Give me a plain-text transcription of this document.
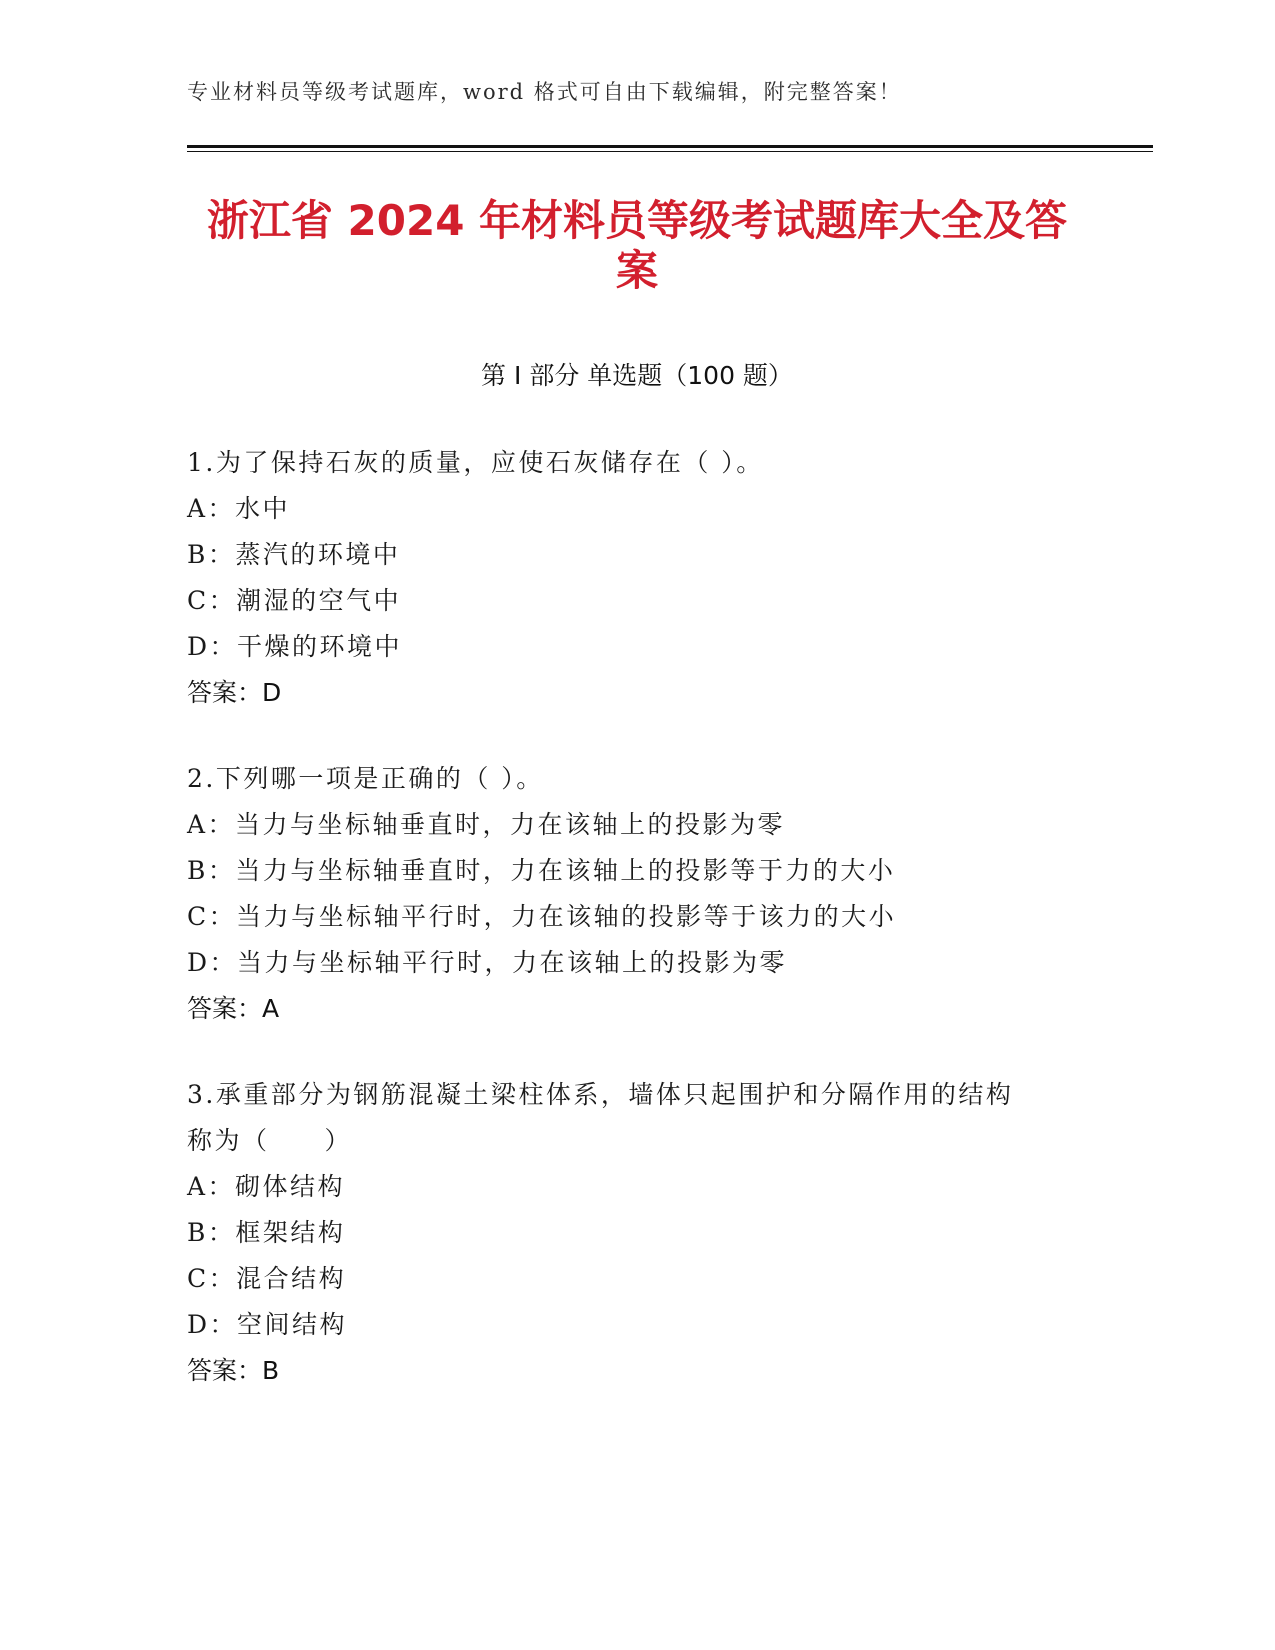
专业材料员等级考试题库，word 格式可自由下载编辑，附完整答案！
浙江省 2024 年材料员等级考试题库大全及答
案
第 I 部分 单选题（100 题）
1.为了保持石灰的质量，应使石灰储存在（ ）。
A：水中
B：蒸汽的环境中
C：潮湿的空气中
D：干燥的环境中
答案：D
2.下列哪一项是正确的（ ）。
A：当力与坐标轴垂直时，力在该轴上的投影为零
B：当力与坐标轴垂直时，力在该轴上的投影等于力的大小
C：当力与坐标轴平行时，力在该轴的投影等于该力的大小
D：当力与坐标轴平行时，力在该轴上的投影为零
答案：A
3.承重部分为钢筋混凝土梁柱体系，墙体只起围护和分隔作用的结构
称为（　　）
A：砌体结构
B：框架结构
C：混合结构
D：空间结构
答案：B
